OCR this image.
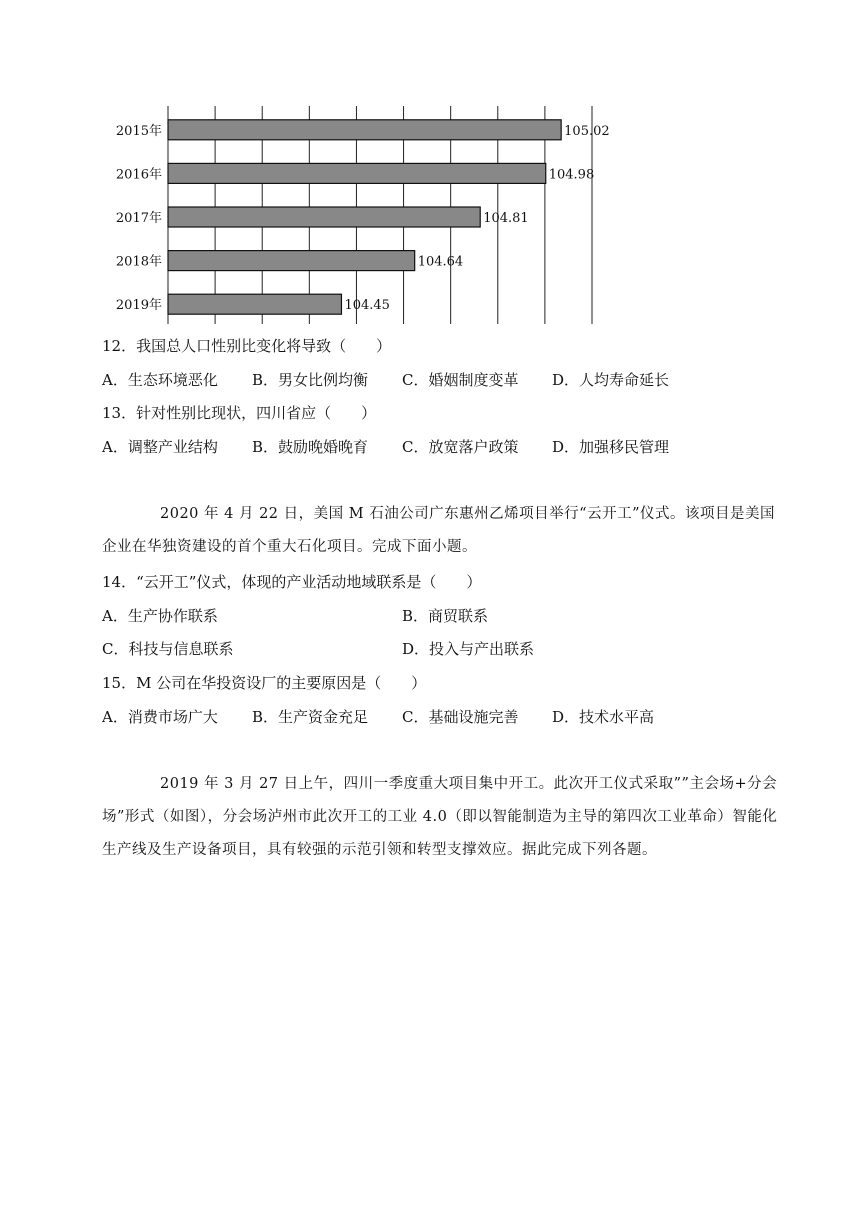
2015年	105.02
2016年	104.98
2017年	104.81
2018年	104.64
2019年	104.45
12．我国总人口性别比变化将导致（　　）
A．生态环境恶化 B．男女比例均衡 C．婚姻制度变革 D．人均寿命延长
13．针对性别比现状，四川省应（　　）
A．调整产业结构 B．鼓励晚婚晚育 C．放宽落户政策 D．加强移民管理
2020 年 4 月 22 日，美国 M 石油公司广东惠州乙烯项目举行“云开工”仪式。该项目是美国企业在华独资建设的首个重大石化项目。完成下面小题。
14．“云开工”仪式，体现的产业活动地域联系是（　　）
A．生产协作联系	B．商贸联系
C．科技与信息联系	D．投入与产出联系
15．M 公司在华投资设厂的主要原因是（　　）
A．消费市场广大 B．生产资金充足 C．基础设施完善 D．技术水平高
2019 年 3 月 27 日上午，四川一季度重大项目集中开工。此次开工仪式采取””主会场+分会场”形式（如图），分会场泸州市此次开工的工业 4.0（即以智能制造为主导的第四次工业革命）智能化生产线及生产设备项目，具有较强的示范引领和转型支撑效应。据此完成下列各题。
